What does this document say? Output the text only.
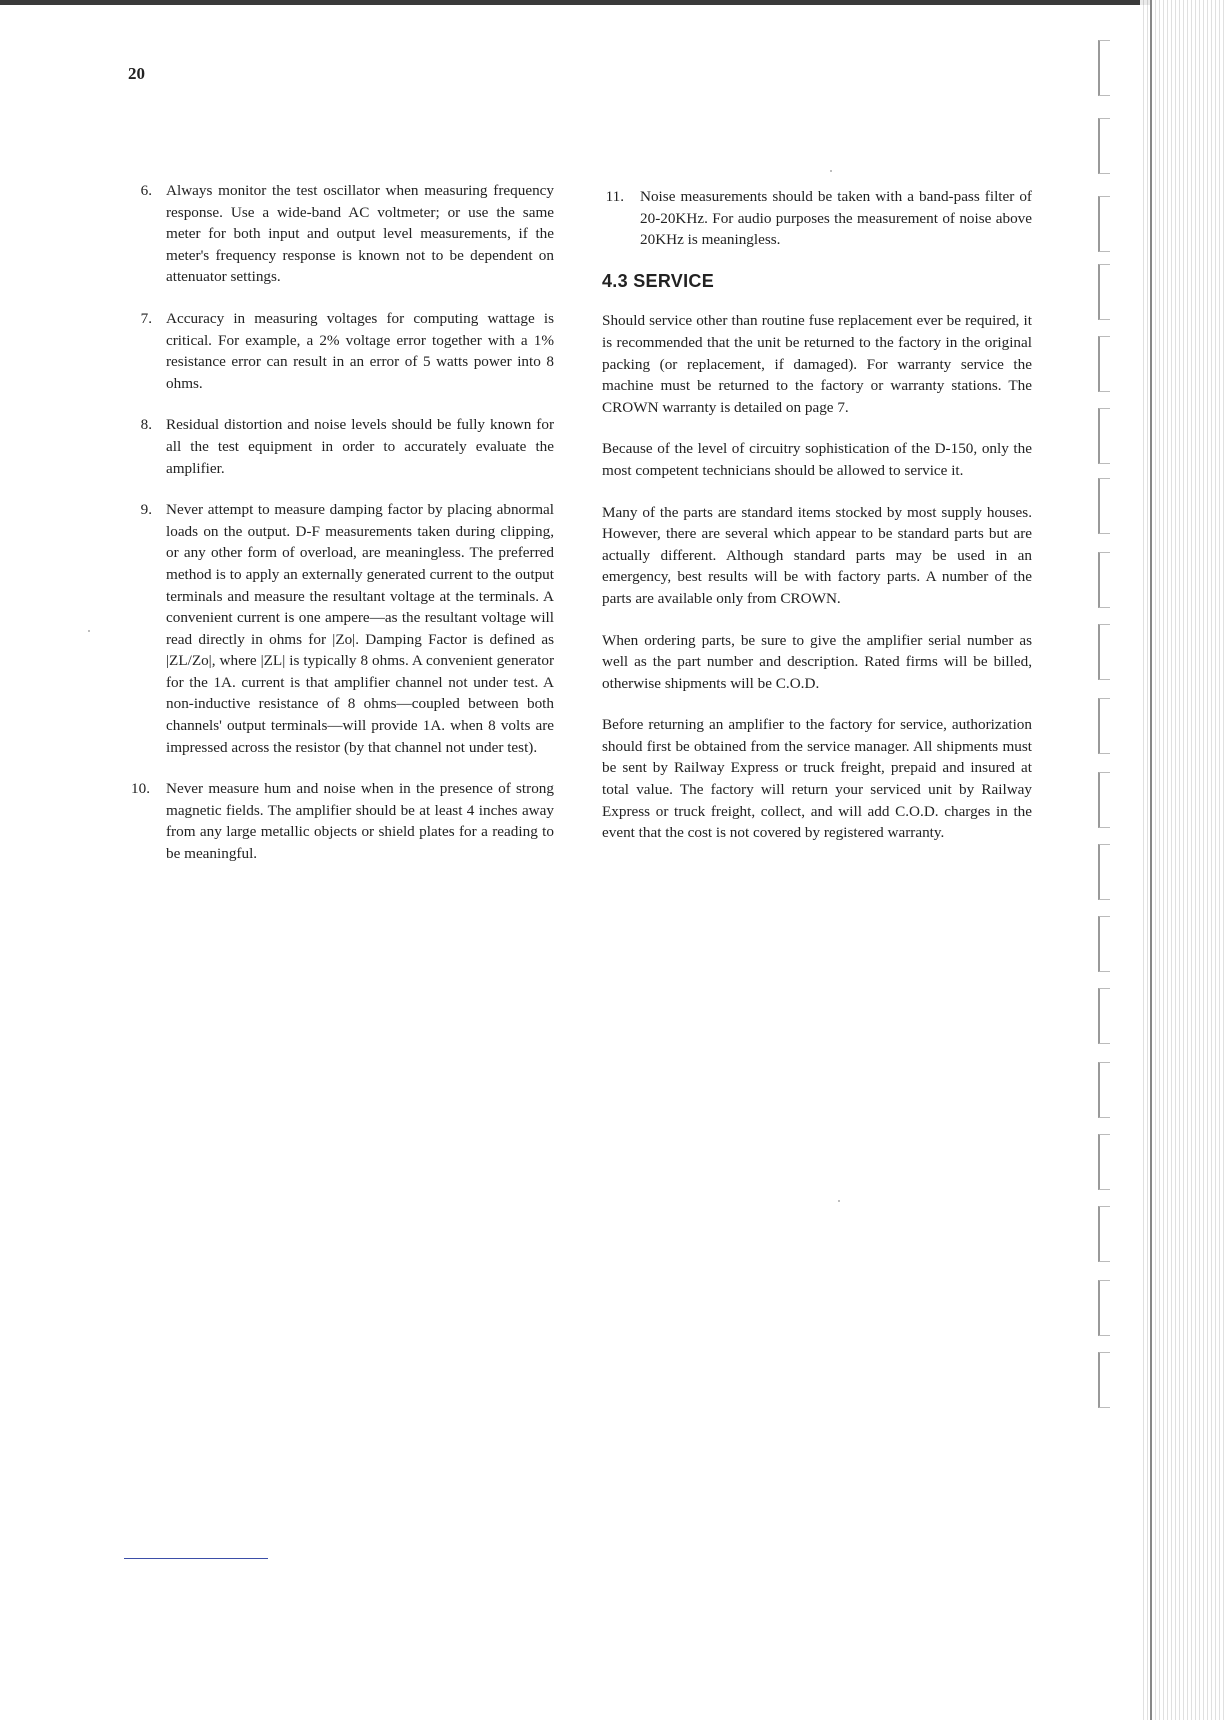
20
6. Always monitor the test oscillator when measuring frequency response. Use a wide-band AC voltmeter; or use the same meter for both input and output level measurements, if the meter's frequency response is known not to be dependent on attenuator settings.
7. Accuracy in measuring voltages for computing wattage is critical. For example, a 2% voltage error together with a 1% resistance error can result in an error of 5 watts power into 8 ohms.
8. Residual distortion and noise levels should be fully known for all the test equipment in order to accurately evaluate the amplifier.
9. Never attempt to measure damping factor by placing abnormal loads on the output. D-F measurements taken during clipping, or any other form of overload, are meaningless. The preferred method is to apply an externally generated current to the output terminals and measure the resultant voltage at the terminals. A convenient current is one ampere—as the resultant voltage will read directly in ohms for |Zo|. Damping Factor is defined as |ZL/Zo|, where |ZL| is typically 8 ohms. A convenient generator for the 1A. current is that amplifier channel not under test. A non-inductive resistance of 8 ohms—coupled between both channels' output terminals—will provide 1A. when 8 volts are impressed across the resistor (by that channel not under test).
10. Never measure hum and noise when in the presence of strong magnetic fields. The amplifier should be at least 4 inches away from any large metallic objects or shield plates for a reading to be meaningful.
11. Noise measurements should be taken with a band-pass filter of 20-20KHz. For audio purposes the measurement of noise above 20KHz is meaningless.
4.3 SERVICE

Should service other than routine fuse replacement ever be required, it is recommended that the unit be returned to the factory in the original packing (or replacement, if damaged). For warranty service the machine must be returned to the factory or warranty stations. The CROWN warranty is detailed on page 7.

Because of the level of circuitry sophistication of the D-150, only the most competent technicians should be allowed to service it.

Many of the parts are standard items stocked by most supply houses. However, there are several which appear to be standard parts but are actually different. Although standard parts may be used in an emergency, best results will be with factory parts. A number of the parts are available only from CROWN.

When ordering parts, be sure to give the amplifier serial number as well as the part number and description. Rated firms will be billed, otherwise shipments will be C.O.D.

Before returning an amplifier to the factory for service, authorization should first be obtained from the service manager. All shipments must be sent by Railway Express or truck freight, prepaid and insured at total value. The factory will return your serviced unit by Railway Express or truck freight, collect, and will add C.O.D. charges in the event that the cost is not covered by registered warranty.
